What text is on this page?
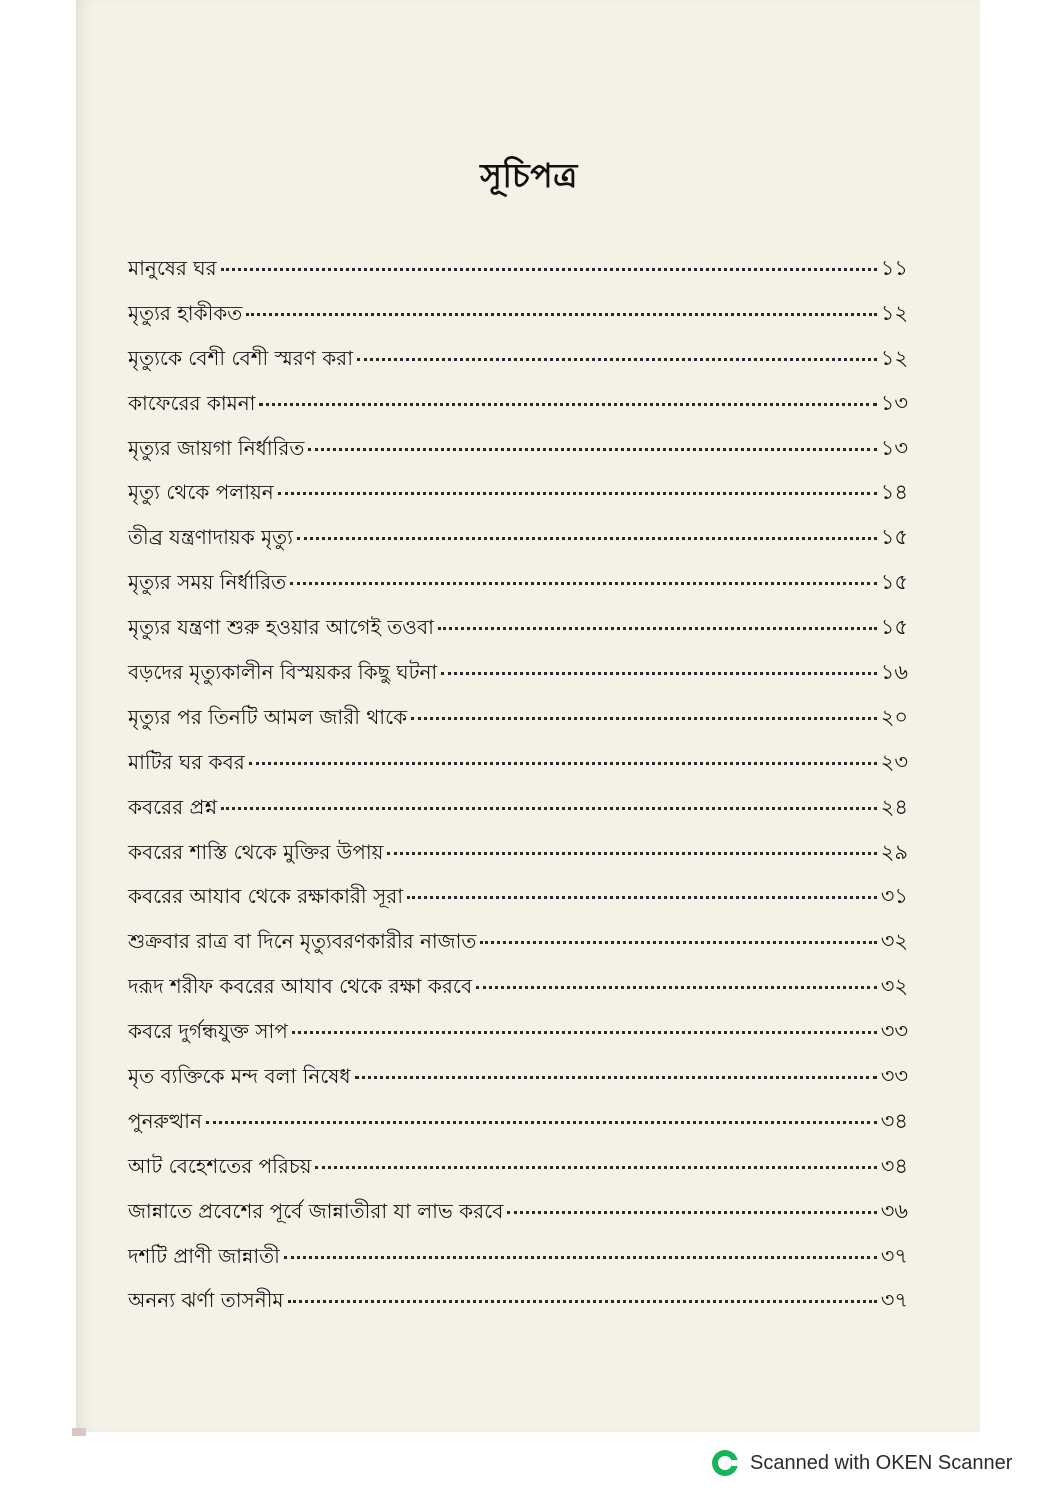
সূচিপত্র
মানুষের ঘর	১১
মৃত্যুর হাকীকত	১২
মৃত্যুকে বেশী বেশী স্মরণ করা	১২
কাফেরের কামনা	১৩
মৃত্যুর জায়গা নির্ধারিত	১৩
মৃত্যু থেকে পলায়ন	১৪
তীব্র যন্ত্রণাদায়ক মৃত্যু	১৫
মৃত্যুর সময় নির্ধারিত	১৫
মৃত্যুর যন্ত্রণা শুরু হওয়ার আগেই তওবা	১৫
বড়দের মৃত্যুকালীন বিস্ময়কর কিছু ঘটনা	১৬
মৃত্যুর পর তিনটি আমল জারী থাকে	২০
মাটির ঘর কবর	২৩
কবরের প্রশ্ন	২৪
কবরের শাস্তি থেকে মুক্তির উপায়	২৯
কবরের আযাব থেকে রক্ষাকারী সূরা	৩১
শুক্রবার রাত্র বা দিনে মৃত্যুবরণকারীর নাজাত	৩২
দরূদ শরীফ কবরের আযাব থেকে রক্ষা করবে	৩২
কবরে দুর্গন্ধযুক্ত সাপ	৩৩
মৃত ব্যক্তিকে মন্দ বলা নিষেধ	৩৩
পুনরুত্থান	৩৪
আট বেহেশতের পরিচয়	৩৪
জান্নাতে প্রবেশের পূর্বে জান্নাতীরা যা লাভ করবে	৩৬
দশটি প্রাণী জান্নাতী	৩৭
অনন্য ঝর্ণা তাসনীম	৩৭
Scanned with OKEN Scanner
